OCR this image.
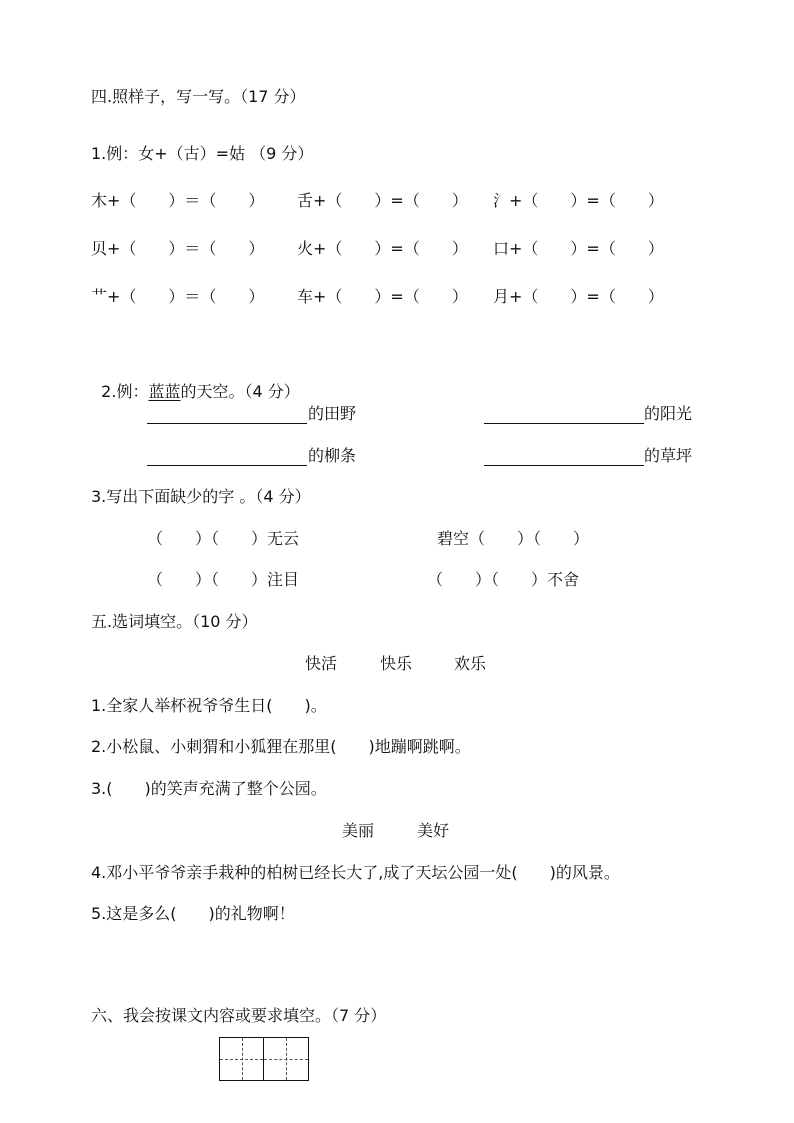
四.照样子，写一写。（17 分）
1.例：女+（古）=姑 （9 分）
木+（　　）＝（　　） 舌+（　　）=（　　） 氵+（　　）=（　　）
贝+（　　）＝（　　） 火+（　　）=（　　） 口+（　　）=（　　）
艹+（　　）＝（　　） 车+（　　）=（　　） 月+（　　）=（　　）

2.例：蓝蓝的天空。（4 分）

的田野	的阳光
的柳条	的草坪
3.写出下面缺少的字 。（4 分）
（　　）（　　）无云	碧空（　　）（　　）
（　　）（　　）注目	（　　）（　　）不舍
五.选词填空。（10 分）
快活	快乐	欢乐
1.全家人举杯祝爷爷生日(　　)。
2.小松鼠、小刺猬和小狐狸在那里(　　)地蹦啊跳啊。
3.(　　)的笑声充满了整个公园。
美丽	美好
4.邓小平爷爷亲手栽种的柏树已经长大了,成了天坛公园一处(　　)的风景。
5.这是多么(　　)的礼物啊！
六、我会按课文内容或要求填空。（7 分）
